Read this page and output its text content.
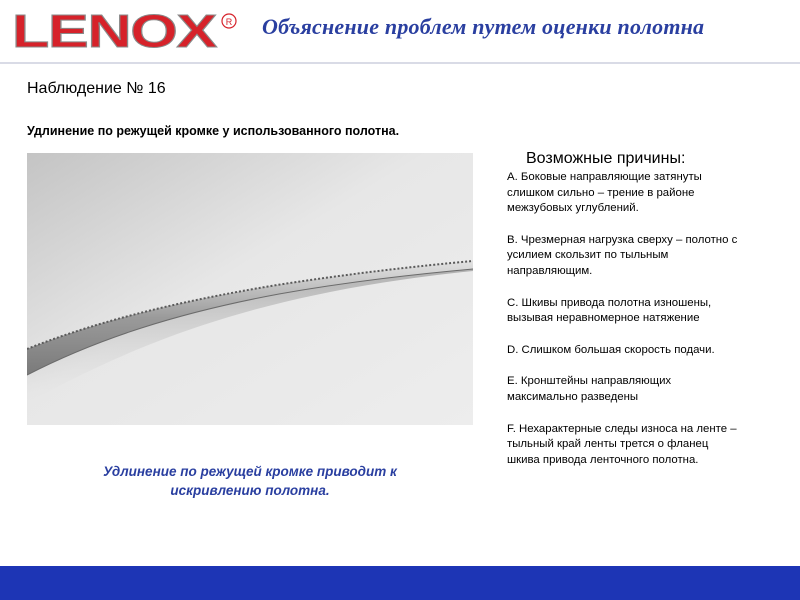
LENOX R Объяснение проблем путем оценки полотна
Наблюдение № 16
Удлинение по режущей кромке у использованного полотна.
Удлинение по режущей кромке приводит к
искривлению полотна.
Возможные причины:
A. Боковые направляющие затянуты
слишком сильно – трение в районе
межзубовых углублений.
B. Чрезмерная нагрузка сверху – полотно с
усилием скользит по тыльным
направляющим.
C. Шкивы привода полотна изношены,
вызывая неравномерное натяжение
D. Слишком большая скорость подачи.
E. Кронштейны направляющих
максимально разведены
F. Нехарактерные следы износа на ленте –
тыльный край ленты трется о фланец
шкива привода ленточного полотна.
